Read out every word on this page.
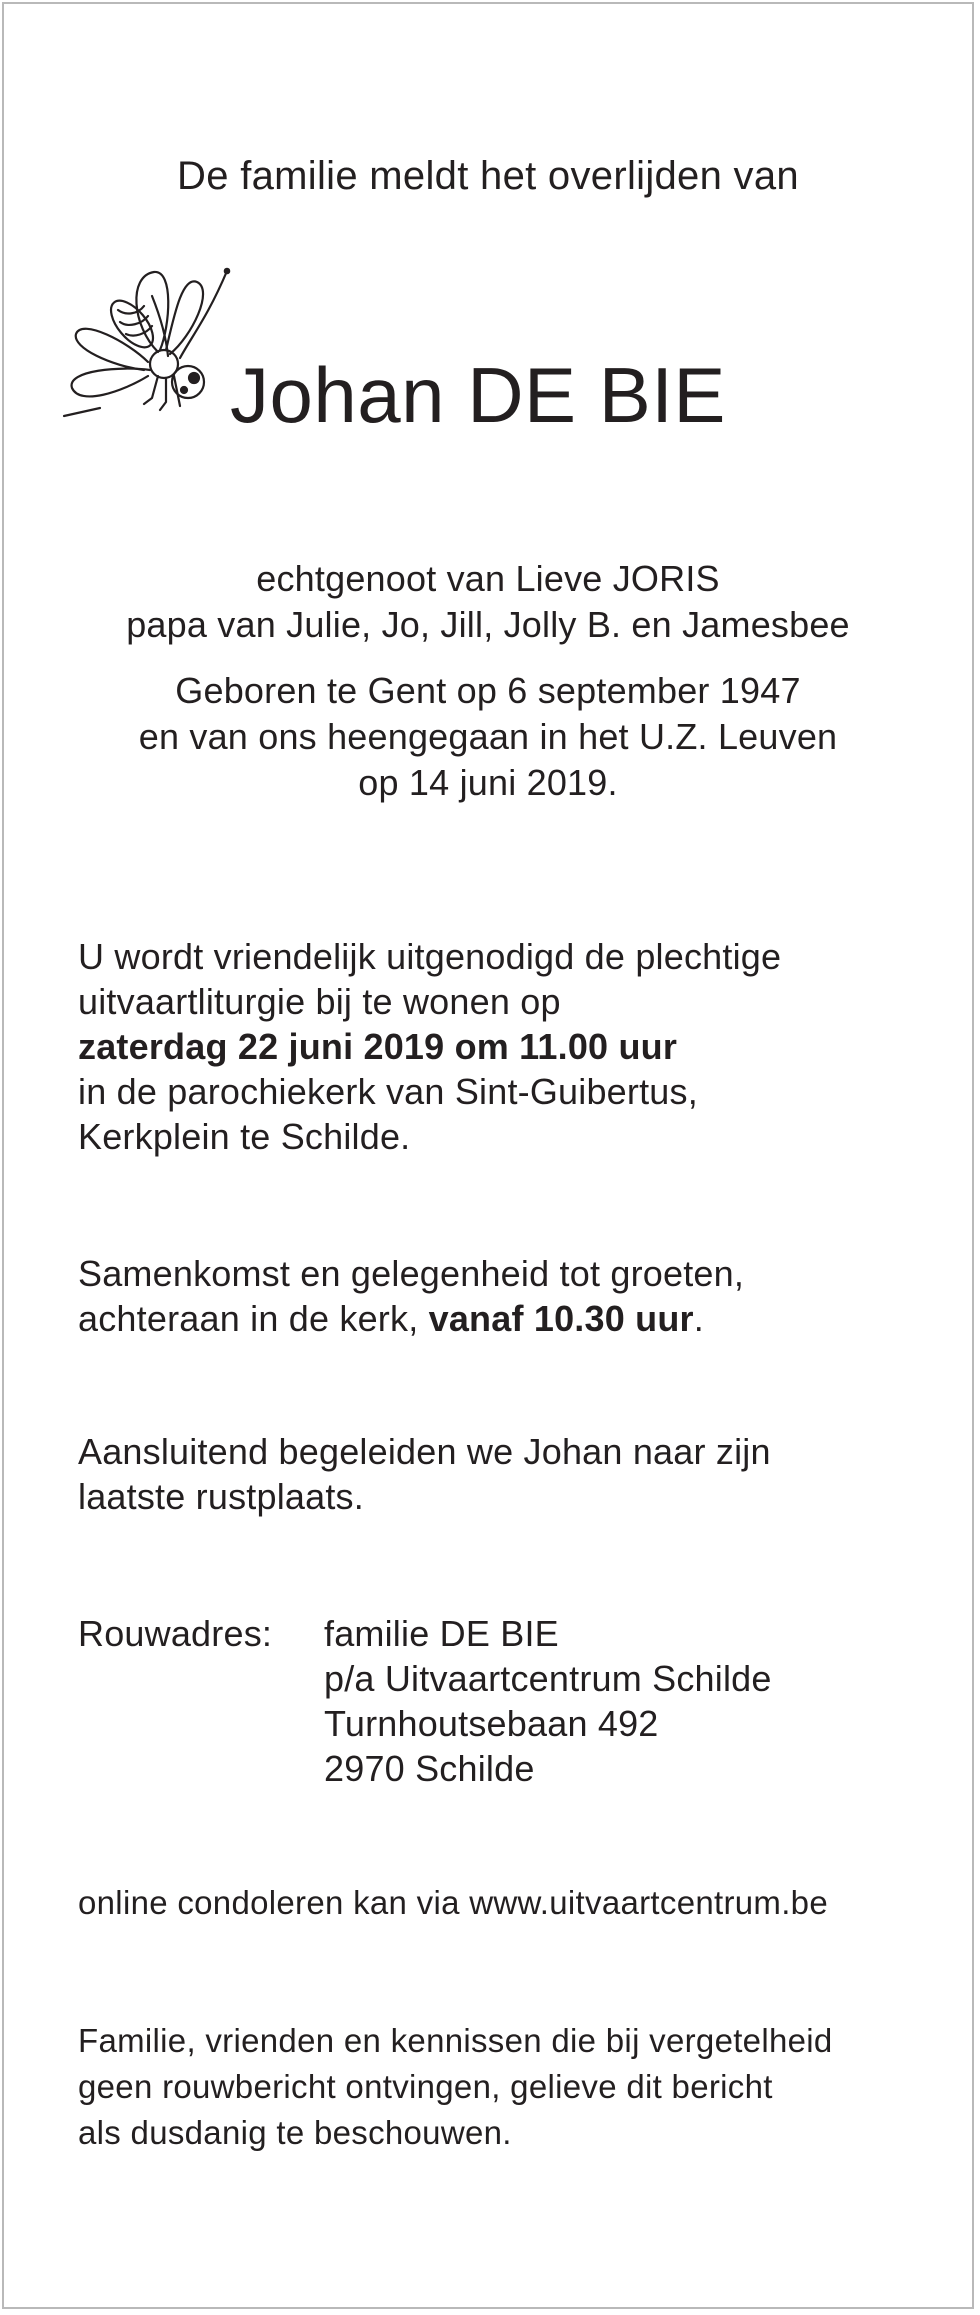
De familie meldt het overlijden van
Johan DE BIE
echtgenoot van Lieve JORIS
papa van Julie, Jo, Jill, Jolly B. en Jamesbee
Geboren te Gent op 6 september 1947
en van ons heengegaan in het U.Z. Leuven
op 14 juni 2019.
U wordt vriendelijk uitgenodigd de plechtige
uitvaartliturgie bij te wonen op
zaterdag 22 juni 2019 om 11.00 uur
in de parochiekerk van Sint-Guibertus,
Kerkplein te Schilde.
Samenkomst en gelegenheid tot groeten,
achteraan in de kerk, vanaf 10.30 uur.
Aansluitend begeleiden we Johan naar zijn
laatste rustplaats.
Rouwadres: familie DE BIE
p/a Uitvaartcentrum Schilde
Turnhoutsebaan 492
2970 Schilde
online condoleren kan via www.uitvaartcentrum.be
Familie, vrienden en kennissen die bij vergetelheid
geen rouwbericht ontvingen, gelieve dit bericht
als dusdanig te beschouwen.
